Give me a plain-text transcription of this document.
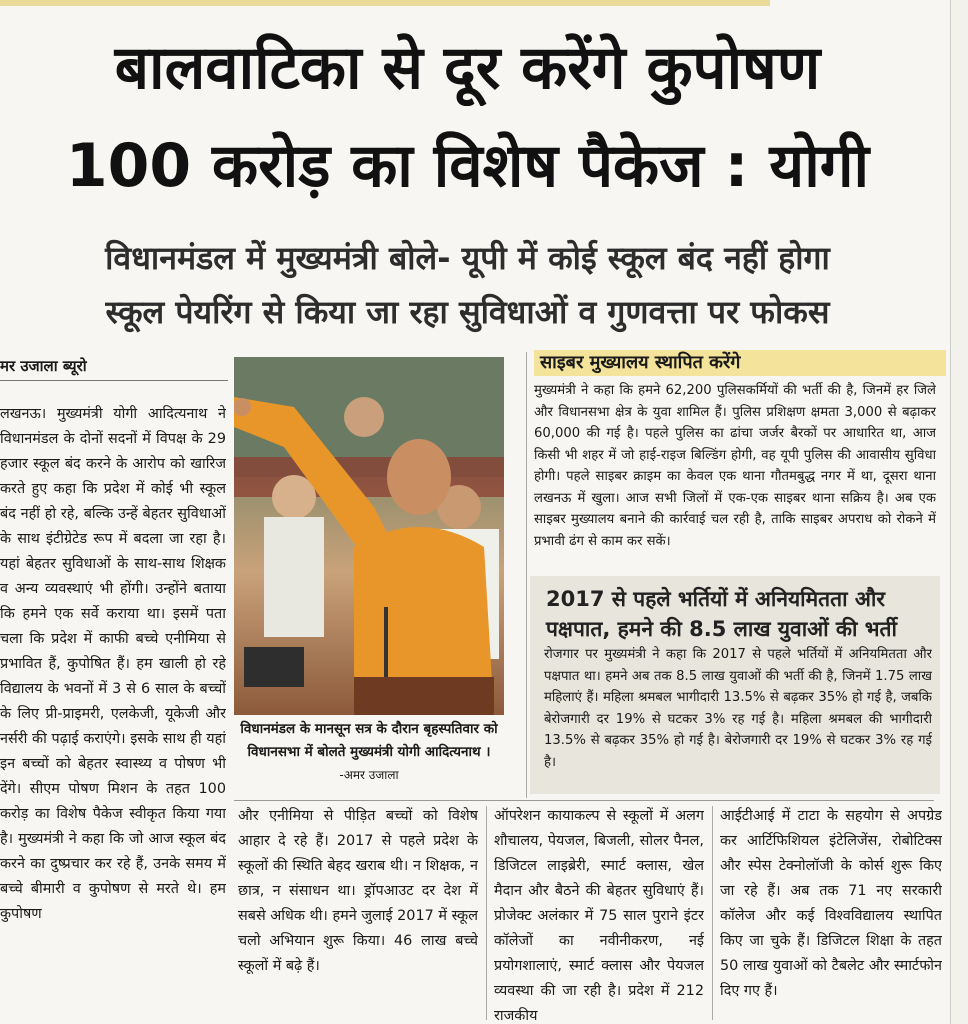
बालवाटिका से दूर करेंगे कुपोषण
100 करोड़ का विशेष पैकेज : योगी
विधानमंडल में मुख्यमंत्री बोले- यूपी में कोई स्कूल बंद नहीं होगा
स्कूल पेयरिंग से किया जा रहा सुविधाओं व गुणवत्ता पर फोकस
मर उजाला ब्यूरो

लखनऊ। मुख्यमंत्री योगी आदित्यनाथ ने विधानमंडल के दोनों सदनों में विपक्ष के 29 हजार स्कूल बंद करने के आरोप को खारिज करते हुए कहा कि प्रदेश में कोई भी स्कूल बंद नहीं हो रहे, बल्कि उन्हें बेहतर सुविधाओं के साथ इंटीग्रेटेड रूप में बदला जा रहा है। यहां बेहतर सुविधाओं के साथ-साथ शिक्षक व अन्य व्यवस्थाएं भी होंगी। उन्होंने बताया कि हमने एक सर्वे कराया था। इसमें पता चला कि प्रदेश में काफी बच्चे एनीमिया से प्रभावित हैं, कुपोषित हैं। हम खाली हो रहे विद्यालय के भवनों में 3 से 6 साल के बच्चों के लिए प्री-प्राइमरी, एलकेजी, यूकेजी और नर्सरी की पढ़ाई कराएंगे। इसके साथ ही यहां इन बच्चों को बेहतर स्वास्थ्य व पोषण भी देंगे। सीएम पोषण मिशन के तहत 100 करोड़ का विशेष पैकेज स्वीकृत किया गया है। मुख्यमंत्री ने कहा कि जो आज स्कूल बंद करने का दुष्प्रचार कर रहे हैं, उनके समय में बच्चे बीमारी व कुपोषण से मरते थे। हम कुपोषण

विधानमंडल के मानसून सत्र के दौरान बृहस्पतिवार को विधानसभा में बोलते मुख्यमंत्री योगी आदित्यनाथ । -अमर उजाला
साइबर मुख्यालय स्थापित करेंगे

मुख्यमंत्री ने कहा कि हमने 62,200 पुलिसकर्मियों की भर्ती की है, जिनमें हर जिले और विधानसभा क्षेत्र के युवा शामिल हैं। पुलिस प्रशिक्षण क्षमता 3,000 से बढ़ाकर 60,000 की गई है। पहले पुलिस का ढांचा जर्जर बैरकों पर आधारित था, आज किसी भी शहर में जो हाई-राइज बिल्डिंग होगी, वह यूपी पुलिस की आवासीय सुविधा होगी। पहले साइबर क्राइम का केवल एक थाना गौतमबुद्ध नगर में था, दूसरा थाना लखनऊ में खुला। आज सभी जिलों में एक-एक साइबर थाना सक्रिय है। अब एक साइबर मुख्यालय बनाने की कार्रवाई चल रही है, ताकि साइबर अपराध को रोकने में प्रभावी ढंग से काम कर सकें।

2017 से पहले भर्तियों में अनियमितता और पक्षपात, हमने की 8.5 लाख युवाओं की भर्ती

रोजगार पर मुख्यमंत्री ने कहा कि 2017 से पहले भर्तियों में अनियमितता और पक्षपात था। हमने अब तक 8.5 लाख युवाओं की भर्ती की है, जिनमें 1.75 लाख महिलाएं हैं। महिला श्रमबल भागीदारी 13.5% से बढ़कर 35% हो गई है, जबकि बेरोजगारी दर 19% से घटकर 3% रह गई है। महिला श्रमबल की भागीदारी 13.5% से बढ़कर 35% हो गई है। बेरोजगारी दर 19% से घटकर 3% रह गई है।

और एनीमिया से पीड़ित बच्चों को विशेष आहार दे रहे हैं। 2017 से पहले प्रदेश के स्कूलों की स्थिति बेहद खराब थी। न शिक्षक, न छात्र, न संसाधन था। ड्रॉपआउट दर देश में सबसे अधिक थी। हमने जुलाई 2017 में स्कूल चलो अभियान शुरू किया। 46 लाख बच्चे स्कूलों में बढ़े हैं।

ऑपरेशन कायाकल्प से स्कूलों में अलग शौचालय, पेयजल, बिजली, सोलर पैनल, डिजिटल लाइब्रेरी, स्मार्ट क्लास, खेल मैदान और बैठने की बेहतर सुविधाएं हैं। प्रोजेक्ट अलंकार में 75 साल पुराने इंटर कॉलेजों का नवीनीकरण, नई प्रयोगशालाएं, स्मार्ट क्लास और पेयजल व्यवस्था की जा रही है। प्रदेश में 212 राजकीय

आईटीआई में टाटा के सहयोग से अपग्रेड कर आर्टिफिशियल इंटेलिजेंस, रोबोटिक्स और स्पेस टेक्नोलॉजी के कोर्स शुरू किए जा रहे हैं। अब तक 71 नए सरकारी कॉलेज और कई विश्वविद्यालय स्थापित किए जा चुके हैं। डिजिटल शिक्षा के तहत 50 लाख युवाओं को टैबलेट और स्मार्टफोन दिए गए हैं।
